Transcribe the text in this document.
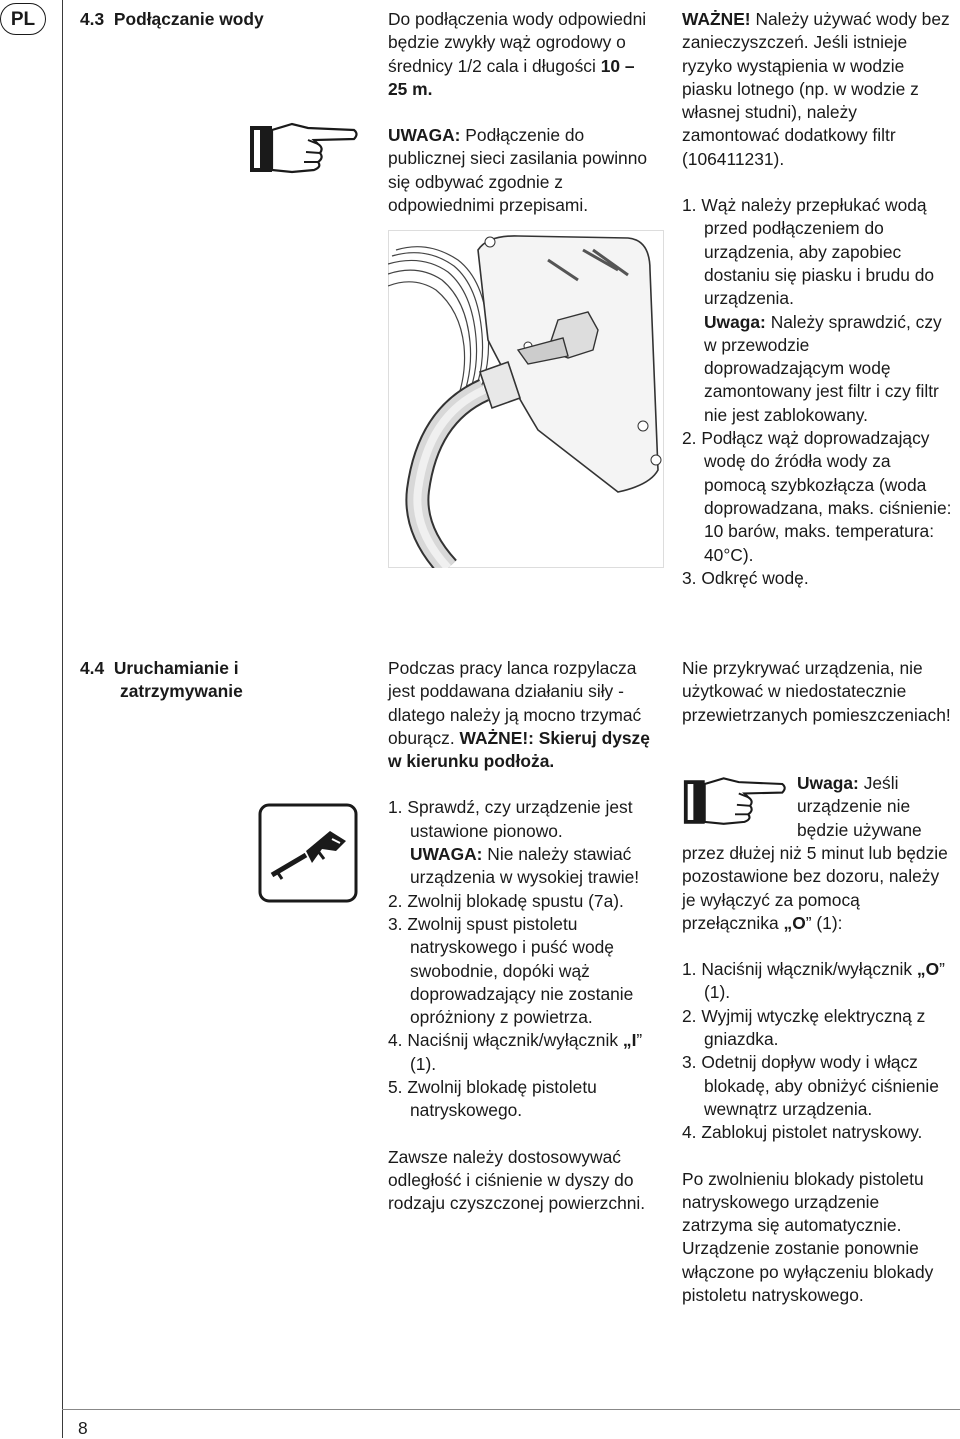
PL
8
4.3 Podłączanie wody	Do podłączenia wody odpowiedni będzie zwykły wąż ogrodowy o średnicy 1/2 cala i długości 10 – 25 m.

UWAGA: Podłączenie do publicznej sieci zasilania powinno się odbywać zgodnie z odpowiednimi przepisami.

WAŻNE! Należy używać wody bez zanieczyszczeń. Jeśli istnieje ryzyko wystąpienia w wodzie piasku lotnego (np. w wodzie z własnej studni), należy zamontować dodatkowy filtr (106411231).

1. Wąż należy przepłukać wodą przed podłączeniem do urządzenia, aby zapobiec dostaniu się piasku i brudu do urządzenia.

Uwaga: Należy sprawdzić, czy w przewodzie doprowadzającym wodę zamontowany jest filtr i czy filtr nie jest zablokowany.

2. Podłącz wąż doprowadzający wodę do źródła wody za pomocą szybkozłącza (woda doprowadzana, maks. ciśnienie: 10 barów, maks. temperatura: 40°C).

3. Odkręć wodę.

4.4 Uruchamianie i zatrzymywanie

Podczas pracy lanca rozpylacza jest poddawana działaniu siły - dlatego należy ją mocno trzymać oburącz. WAŻNE!: Skieruj dyszę w kierunku podłoża.

1. Sprawdź, czy urządzenie jest ustawione pionowo.

UWAGA: Nie należy stawiać urządzenia w wysokiej trawie!

2. Zwolnij blokadę spustu (7a).

3. Zwolnij spust pistoletu natryskowego i puść wodę swobodnie, dopóki wąż doprowadzający nie zostanie opróżniony z powietrza.

4. Naciśnij włącznik/wyłącznik „I” (1).

5. Zwolnij blokadę pistoletu natryskowego.

Zawsze należy dostosowywać odległość i ciśnienie w dyszy do rodzaju czyszczonej powierzchni.

Nie przykrywać urządzenia, nie użytkować w niedostatecznie przewietrzanych pomieszczeniach!

Uwaga: Jeśli urządzenie nie będzie używane

przez dłużej niż 5 minut lub będzie pozostawione bez dozoru, należy je wyłączyć za pomocą przełącznika „O” (1):

1. Naciśnij włącznik/wyłącznik „O” (1).

2. Wyjmij wtyczkę elektryczną z gniazdka.

3. Odetnij dopływ wody i włącz blokadę, aby obniżyć ciśnienie wewnątrz urządzenia.

4. Zablokuj pistolet natryskowy.

Po zwolnieniu blokady pistoletu natryskowego urządzenie zatrzyma się automatycznie. Urządzenie zostanie ponownie włączone po wyłączeniu blokady pistoletu natryskowego.
